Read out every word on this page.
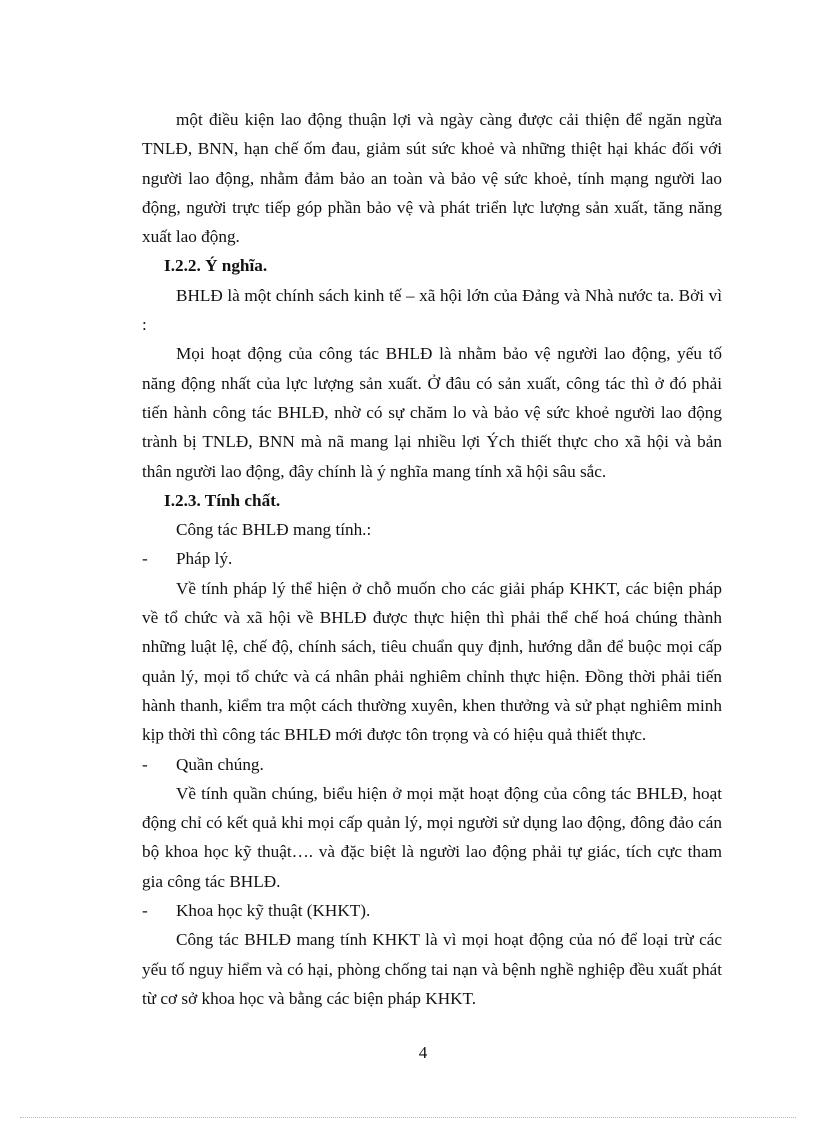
một điều kiện lao động thuận lợi và ngày càng được cải thiện để ngăn ngừa TNLĐ, BNN, hạn chế ốm đau, giảm sút sức khoẻ và những thiệt hại khác đối với người lao động, nhằm đảm bảo an toàn và bảo vệ sức khoẻ, tính mạng người lao động, người trực tiếp góp phần bảo vệ và phát triển lực lượng sản xuất, tăng năng xuất lao động.

I.2.2. Ý nghĩa.

BHLĐ là một chính sách kinh tế – xã hội lớn của Đảng và Nhà nước ta. Bởi vì :

Mọi hoạt động của công tác BHLĐ là nhằm bảo vệ người lao động, yếu tố năng động nhất của lực lượng sản xuất. Ở đâu có sản xuất, công tác thì ở đó phải tiến hành công tác BHLĐ, nhờ có sự chăm lo và bảo vệ sức khoẻ người lao động trành bị TNLĐ, BNN mà nã mang lại nhiều lợi Ých thiết thực cho xã hội và bản thân người lao động, đây chính là ý nghĩa mang tính xã hội sâu sắc.

I.2.3. Tính chất.

Công tác BHLĐ mang tính.:

- Pháp lý.

Về tính pháp lý thể hiện ở chỗ muốn cho các giải pháp KHKT, các biện pháp về tổ chức và xã hội về BHLĐ được thực hiện thì phải thể chế hoá chúng thành những luật lệ, chế độ, chính sách, tiêu chuẩn quy định, hướng dẫn để buộc mọi cấp quản lý, mọi tổ chức và cá nhân phải nghiêm chỉnh thực hiện. Đồng thời phải tiến hành thanh, kiểm tra một cách thường xuyên, khen thưởng và sử phạt nghiêm minh kịp thời thì công tác BHLĐ mới được tôn trọng và có hiệu quả thiết thực.

- Quần chúng.

Về tính quần chúng, biểu hiện ở mọi mặt hoạt động của công tác BHLĐ, hoạt động chỉ có kết quả khi mọi cấp quản lý, mọi người sử dụng lao động, đông đảo cán bộ khoa học kỹ thuật…. và đặc biệt là người lao động phải tự giác, tích cực tham gia công tác BHLĐ.

- Khoa học kỹ thuật (KHKT).

Công tác BHLĐ mang tính KHKT là vì mọi hoạt động của nó để loại trừ các yếu tố nguy hiểm và có hại, phòng chống tai nạn và bệnh nghề nghiệp đều xuất phát từ cơ sở khoa học và bằng các biện pháp KHKT.

4
